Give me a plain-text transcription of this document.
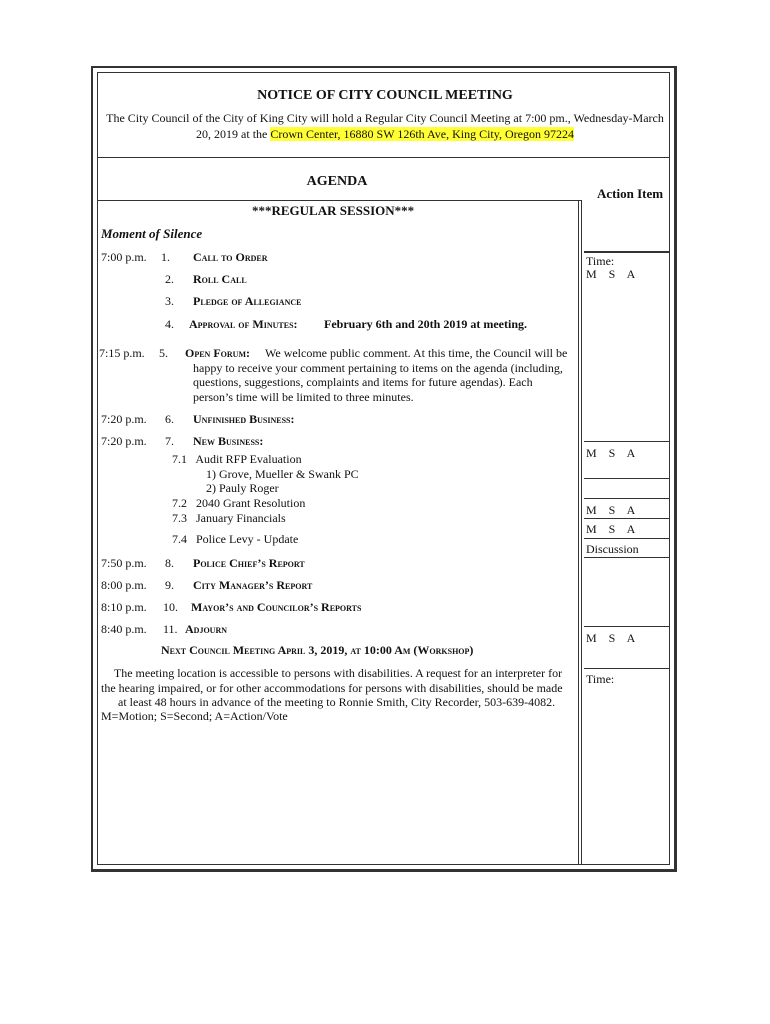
NOTICE OF CITY COUNCIL MEETING
The City Council of the City of King City will hold a Regular City Council Meeting at 7:00 pm., Wednesday-March
20, 2019 at the Crown Center, 16880 SW 126th Ave, King City, Oregon 97224
AGENDA
Action Item
***REGULAR SESSION***
Moment of Silence
7:00 p.m. 1. Call to Order
2. Roll Call
3. Pledge of Allegiance
4. Approval of Minutes: February 6th and 20th 2019 at meeting.
7:15 p.m. 5. Open Forum: We welcome public comment. At this time, the Council will be
happy to receive your comment pertaining to items on the agenda (including,
questions, suggestions, complaints and items for future agendas). Each
person’s time will be limited to three minutes.
7:20 p.m. 6. Unfinished Business:
7:20 p.m. 7. New Business:
7.1   Audit RFP Evaluation
1) Grove, Mueller & Swank PC
2) Pauly Roger
7.2   2040 Grant Resolution
7.3   January Financials
7.4   Police Levy - Update
7:50 p.m. 8. Police Chief’s Report
8:00 p.m. 9. City Manager’s Report
8:10 p.m. 10. Mayor’s and Councilor’s Reports
8:40 p.m. 11. Adjourn
Next Council Meeting April 3, 2019, at 10:00 Am (Workshop)
The meeting location is accessible to persons with disabilities. A request for an interpreter for
the hearing impaired, or for other accommodations for persons with disabilities, should be made
at least 48 hours in advance of the meeting to Ronnie Smith, City Recorder, 503-639-4082.
M=Motion; S=Second; A=Action/Vote
Time:
M    S    A
M    S    A
M    S    A
M    S    A
Discussion
M    S    A
Time:
